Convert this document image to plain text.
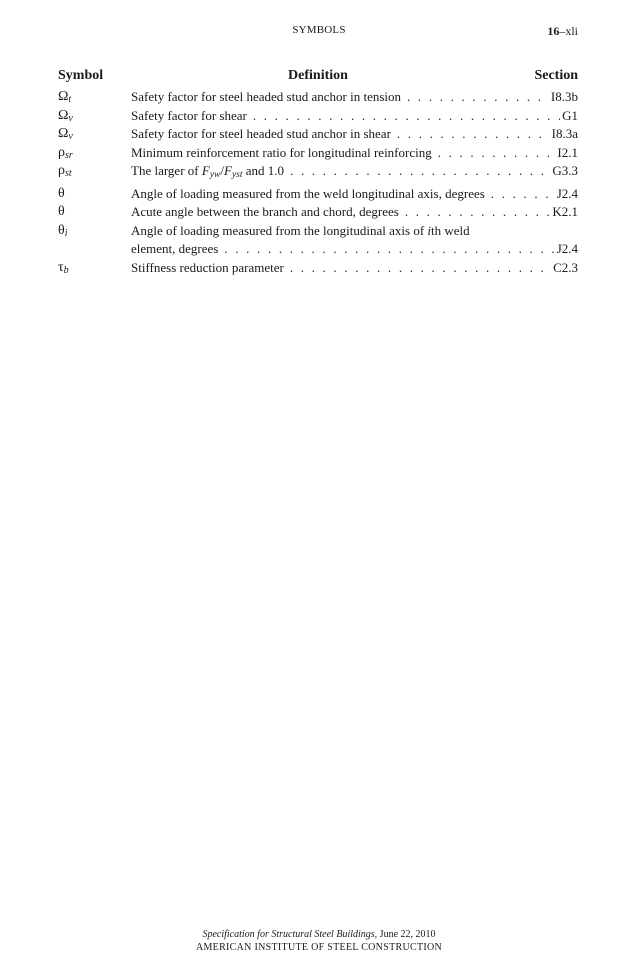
SYMBOLS	16–xli
Symbol	Definition	Section
$\Omega_t$	Safety factor for steel headed stud anchor in tension . . .	I8.3b
$\Omega_v$	Safety factor for shear . . .	G1
$\Omega_v$	Safety factor for steel headed stud anchor in shear . . .	I8.3a
$\rho_{sr}$	Minimum reinforcement ratio for longitudinal reinforcing . . .	I2.1
$\rho_{st}$	The larger of $F_{yw}/F_{yst}$ and 1.0 . . .	G3.3
θ	Angle of loading measured from the weld longitudinal axis, degrees . . .	J2.4
θ	Acute angle between the branch and chord, degrees . . .	K2.1
$\theta_i$	Angle of loading measured from the longitudinal axis of ith weld
element, degrees . . .	J2.4
$\tau_b$	Stiffness reduction parameter . . .	C2.3
Specification for Structural Steel Buildings, June 22, 2010
AMERICAN INSTITUTE OF STEEL CONSTRUCTION
